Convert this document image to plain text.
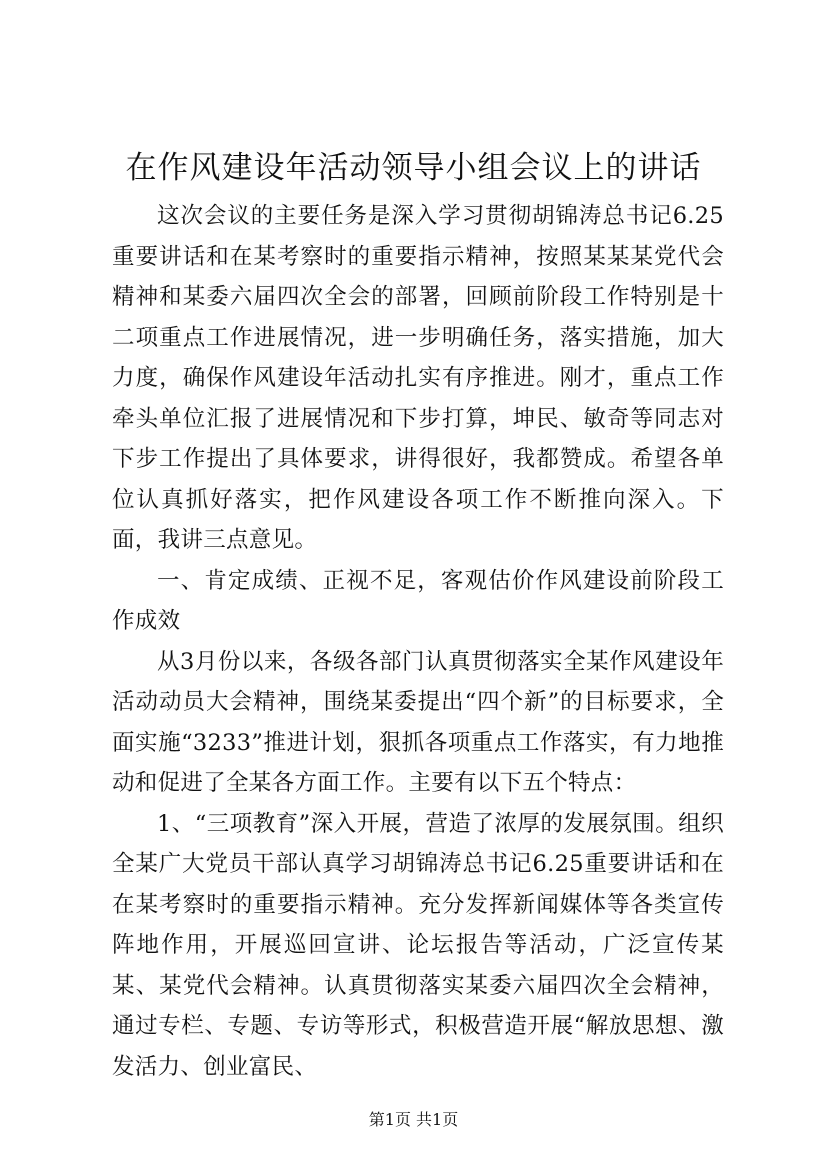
在作风建设年活动领导小组会议上的讲话

这次会议的主要任务是深入学习贯彻胡锦涛总书记6.25重要讲话和在某考察时的重要指示精神，按照某某某党代会精神和某委六届四次全会的部署，回顾前阶段工作特别是十二项重点工作进展情况，进一步明确任务，落实措施，加大力度，确保作风建设年活动扎实有序推进。刚才，重点工作牵头单位汇报了进展情况和下步打算，坤民、敏奇等同志对下步工作提出了具体要求，讲得很好，我都赞成。希望各单位认真抓好落实，把作风建设各项工作不断推向深入。下面，我讲三点意见。

一、肯定成绩、正视不足，客观估价作风建设前阶段工作成效

从3月份以来，各级各部门认真贯彻落实全某作风建设年活动动员大会精神，围绕某委提出“四个新”的目标要求，全面实施“3233”推进计划，狠抓各项重点工作落实，有力地推动和促进了全某各方面工作。主要有以下五个特点：

1、“三项教育”深入开展，营造了浓厚的发展氛围。组织全某广大党员干部认真学习胡锦涛总书记6.25重要讲话和在在某考察时的重要指示精神。充分发挥新闻媒体等各类宣传阵地作用，开展巡回宣讲、论坛报告等活动，广泛宣传某某、某党代会精神。认真贯彻落实某委六届四次全会精神，通过专栏、专题、专访等形式，积极营造开展“解放思想、激发活力、创业富民、

第1页 共1页
